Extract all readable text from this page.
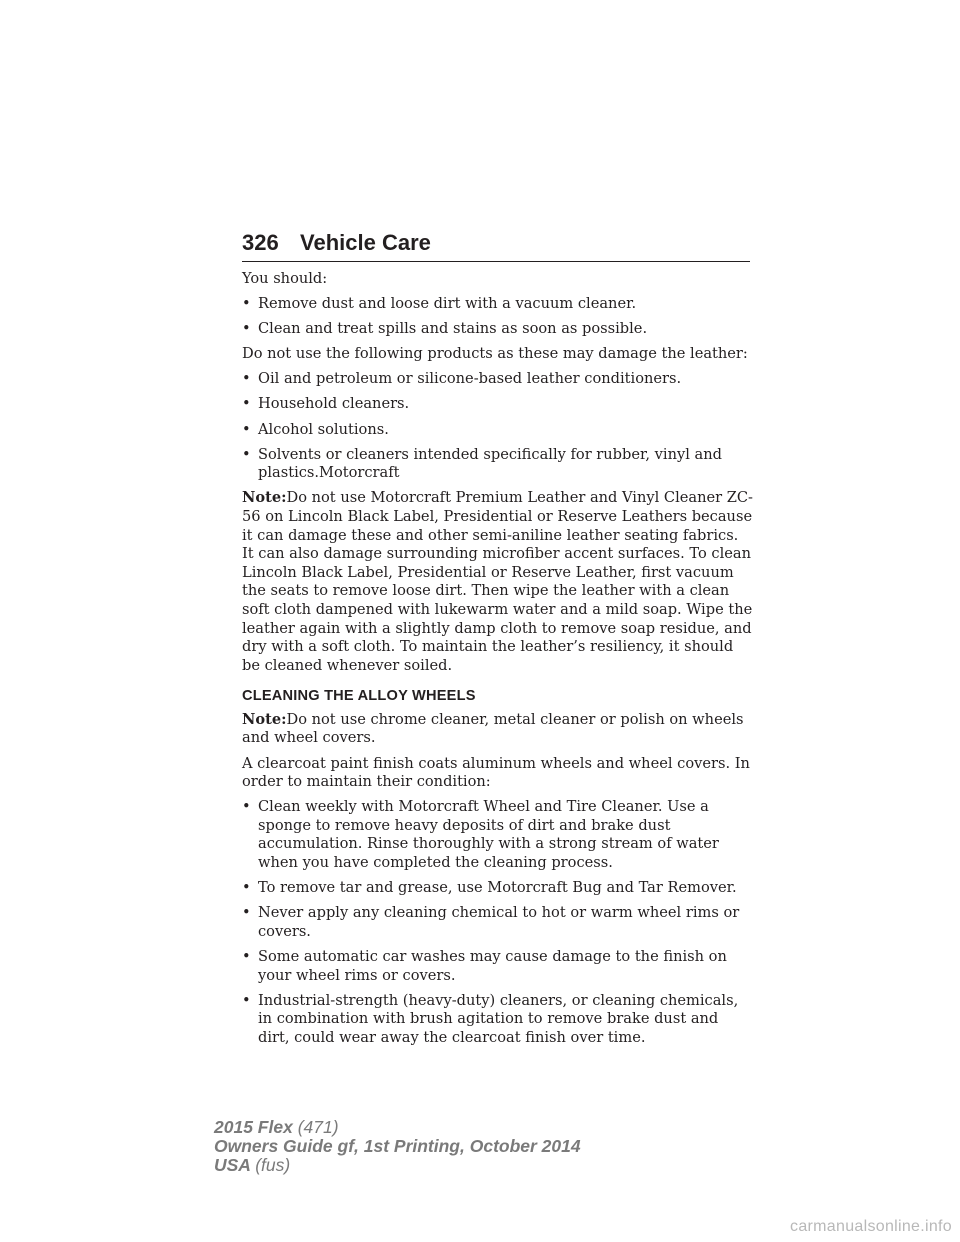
326 Vehicle Care

You should:

• Remove dust and loose dirt with a vacuum cleaner.
• Clean and treat spills and stains as soon as possible.

Do not use the following products as these may damage the leather:

• Oil and petroleum or silicone-based leather conditioners.
• Household cleaners.
• Alcohol solutions.
• Solvents or cleaners intended specifically for rubber, vinyl and plastics.Motorcraft

Note:Do not use Motorcraft Premium Leather and Vinyl Cleaner ZC-56 on Lincoln Black Label, Presidential or Reserve Leathers because it can damage these and other semi-aniline leather seating fabrics. It can also damage surrounding microfiber accent surfaces. To clean Lincoln Black Label, Presidential or Reserve Leather, first vacuum the seats to remove loose dirt. Then wipe the leather with a clean soft cloth dampened with lukewarm water and a mild soap. Wipe the leather again with a slightly damp cloth to remove soap residue, and dry with a soft cloth. To maintain the leather’s resiliency, it should be cleaned whenever soiled.

CLEANING THE ALLOY WHEELS

Note:Do not use chrome cleaner, metal cleaner or polish on wheels and wheel covers.

A clearcoat paint finish coats aluminum wheels and wheel covers. In order to maintain their condition:

• Clean weekly with Motorcraft Wheel and Tire Cleaner. Use a sponge to remove heavy deposits of dirt and brake dust accumulation. Rinse thoroughly with a strong stream of water when you have completed the cleaning process.
• To remove tar and grease, use Motorcraft Bug and Tar Remover.
• Never apply any cleaning chemical to hot or warm wheel rims or covers.
• Some automatic car washes may cause damage to the finish on your wheel rims or covers.
• Industrial-strength (heavy-duty) cleaners, or cleaning chemicals, in combination with brush agitation to remove brake dust and dirt, could wear away the clearcoat finish over time.
2015 Flex (471)
Owners Guide gf, 1st Printing, October 2014
USA (fus)
carmanualsonline.info
